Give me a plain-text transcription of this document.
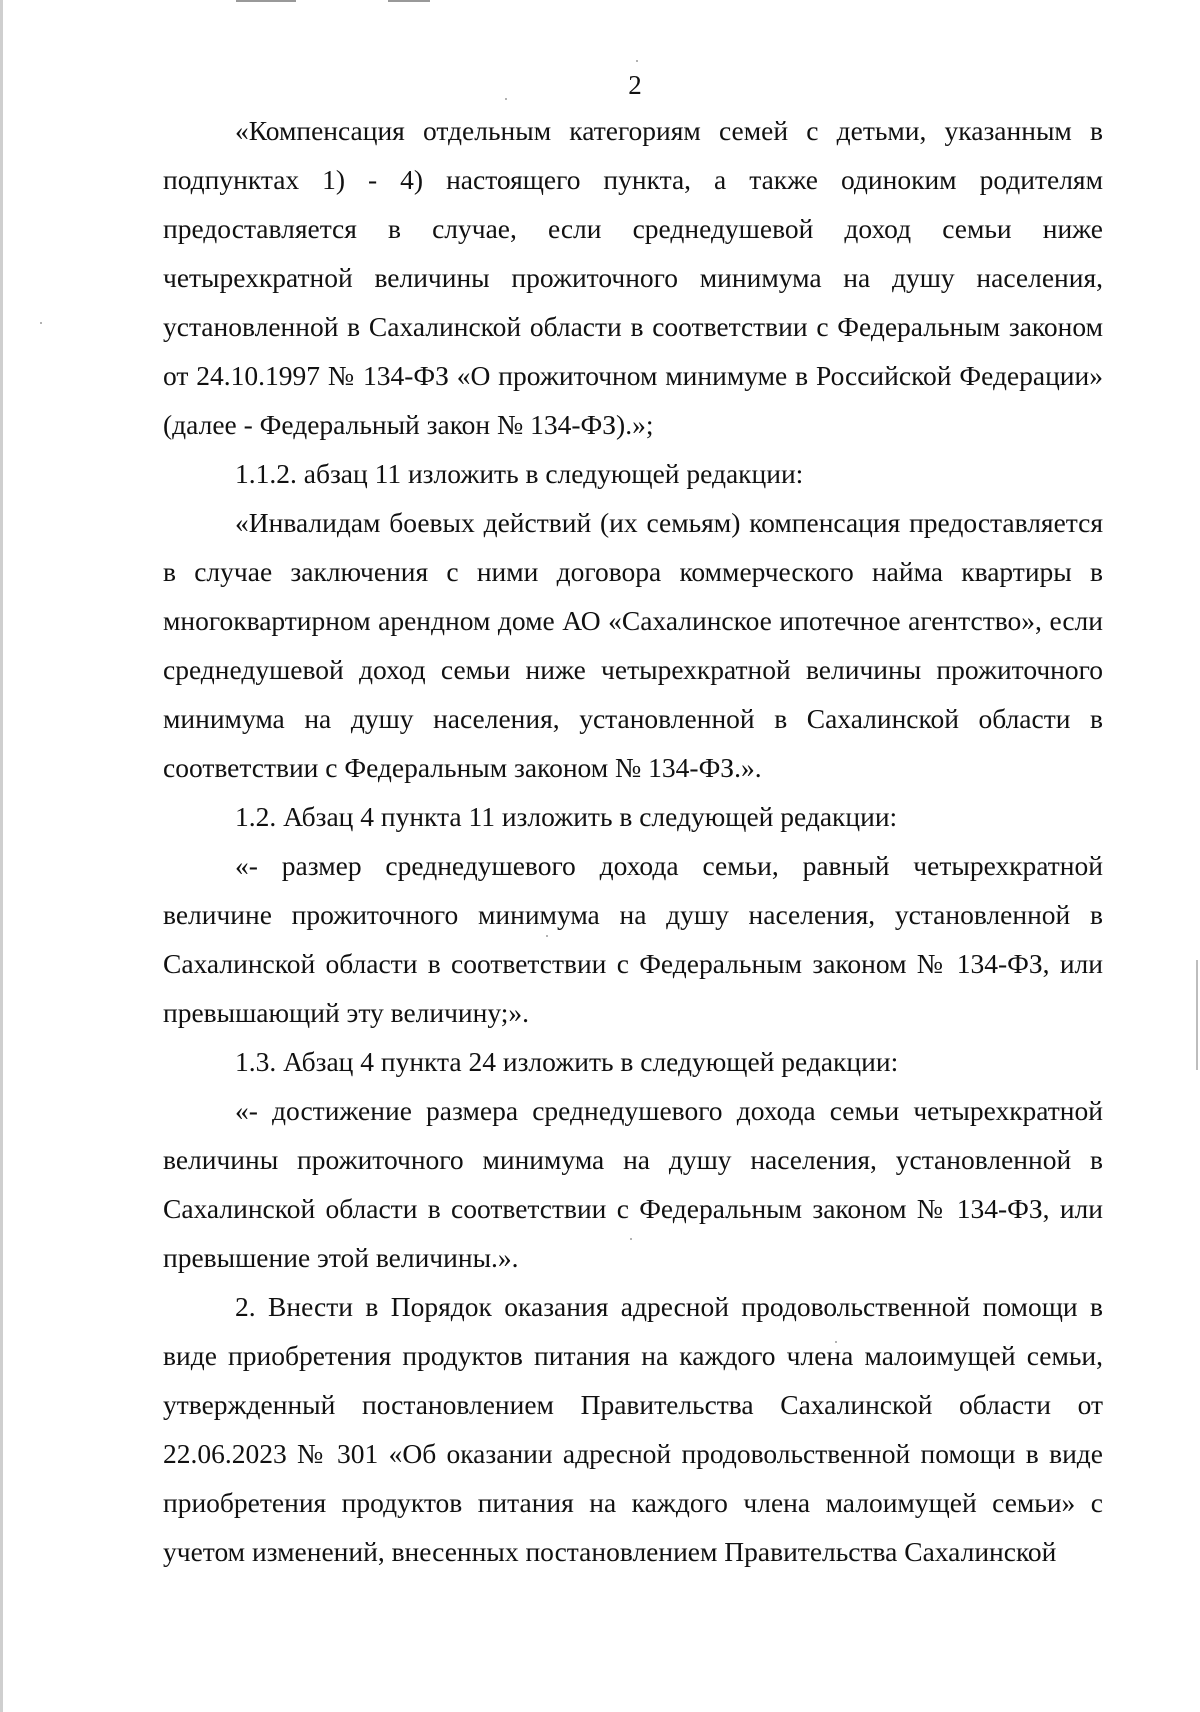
2

«Компенсация отдельным категориям семей с детьми, указанным в подпунктах 1) - 4) настоящего пункта, а также одиноким родителям предоставляется в случае, если среднедушевой доход семьи ниже четырехкратной величины прожиточного минимума на душу населения, установленной в Сахалинской области в соответствии с Федеральным законом от 24.10.1997 № 134-ФЗ «О прожиточном минимуме в Российской Федерации» (далее - Федеральный закон № 134-ФЗ).»;

1.1.2. абзац 11 изложить в следующей редакции:

«Инвалидам боевых действий (их семьям) компенсация предоставляется в случае заключения с ними договора коммерческого найма квартиры в многоквартирном арендном доме АО «Сахалинское ипотечное агентство», если среднедушевой доход семьи ниже четырехкратной величины прожиточного минимума на душу населения, установленной в Сахалинской области в соответствии с Федеральным законом № 134-ФЗ.».

1.2. Абзац 4 пункта 11 изложить в следующей редакции:

«- размер среднедушевого дохода семьи, равный четырехкратной величине прожиточного минимума на душу населения, установленной в Сахалинской области в соответствии с Федеральным законом № 134-ФЗ, или превышающий эту величину;».

1.3. Абзац 4 пункта 24 изложить в следующей редакции:

«- достижение размера среднедушевого дохода семьи четырехкратной величины прожиточного минимума на душу населения, установленной в Сахалинской области в соответствии с Федеральным законом № 134-ФЗ, или превышение этой величины.».

2. Внести в Порядок оказания адресной продовольственной помощи в виде приобретения продуктов питания на каждого члена малоимущей семьи, утвержденный постановлением Правительства Сахалинской области от 22.06.2023 № 301 «Об оказании адресной продовольственной помощи в виде приобретения продуктов питания на каждого члена малоимущей семьи» с учетом изменений, внесенных постановлением Правительства Сахалинской
